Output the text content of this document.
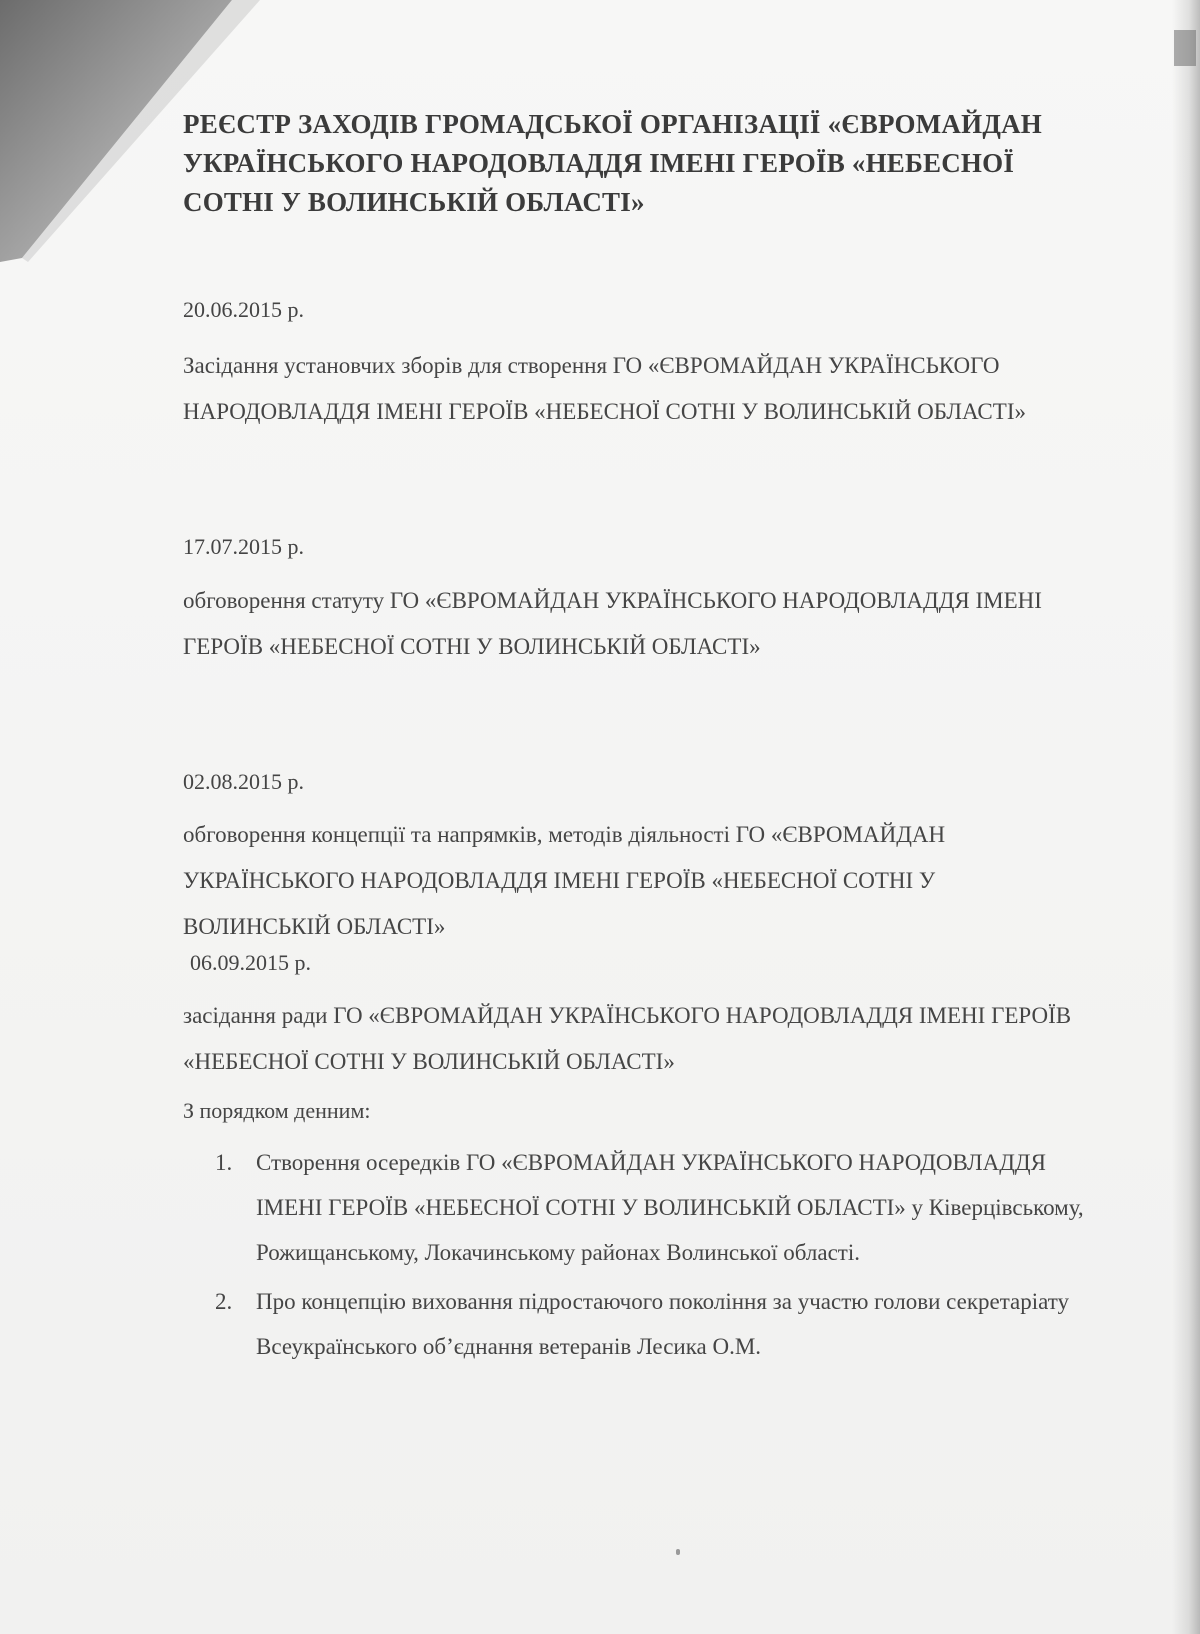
РЕЄСТР ЗАХОДІВ ГРОМАДСЬКОЇ ОРГАНІЗАЦІЇ «ЄВРОМАЙДАН УКРАЇНСЬКОГО НАРОДОВЛАДДЯ ІМЕНІ ГЕРОЇВ «НЕБЕСНОЇ СОТНІ У ВОЛИНСЬКІЙ ОБЛАСТІ»
20.06.2015 р.
Засідання установчих зборів для створення ГО «ЄВРОМАЙДАН УКРАЇНСЬКОГО НАРОДОВЛАДДЯ ІМЕНІ ГЕРОЇВ «НЕБЕСНОЇ СОТНІ У ВОЛИНСЬКІЙ ОБЛАСТІ»
17.07.2015 р.
обговорення статуту ГО «ЄВРОМАЙДАН УКРАЇНСЬКОГО НАРОДОВЛАДДЯ ІМЕНІ ГЕРОЇВ «НЕБЕСНОЇ СОТНІ У ВОЛИНСЬКІЙ ОБЛАСТІ»
02.08.2015 р.
обговорення концепції та напрямків, методів діяльності ГО «ЄВРОМАЙДАН УКРАЇНСЬКОГО НАРОДОВЛАДДЯ ІМЕНІ ГЕРОЇВ «НЕБЕСНОЇ СОТНІ У ВОЛИНСЬКІЙ ОБЛАСТІ»
06.09.2015 р.
засідання ради ГО «ЄВРОМАЙДАН УКРАЇНСЬКОГО НАРОДОВЛАДДЯ ІМЕНІ ГЕРОЇВ «НЕБЕСНОЇ СОТНІ У ВОЛИНСЬКІЙ ОБЛАСТІ»
З порядком денним:
1. Створення осередків ГО «ЄВРОМАЙДАН УКРАЇНСЬКОГО НАРОДОВЛАДДЯ ІМЕНІ ГЕРОЇВ «НЕБЕСНОЇ СОТНІ У ВОЛИНСЬКІЙ ОБЛАСТІ» у Ківерцівському, Рожищанському, Локачинському районах Волинської області.
2. Про концепцію виховання підростаючого покоління за участю голови секретаріату Всеукраїнського об’єднання ветеранів Лесика О.М.
